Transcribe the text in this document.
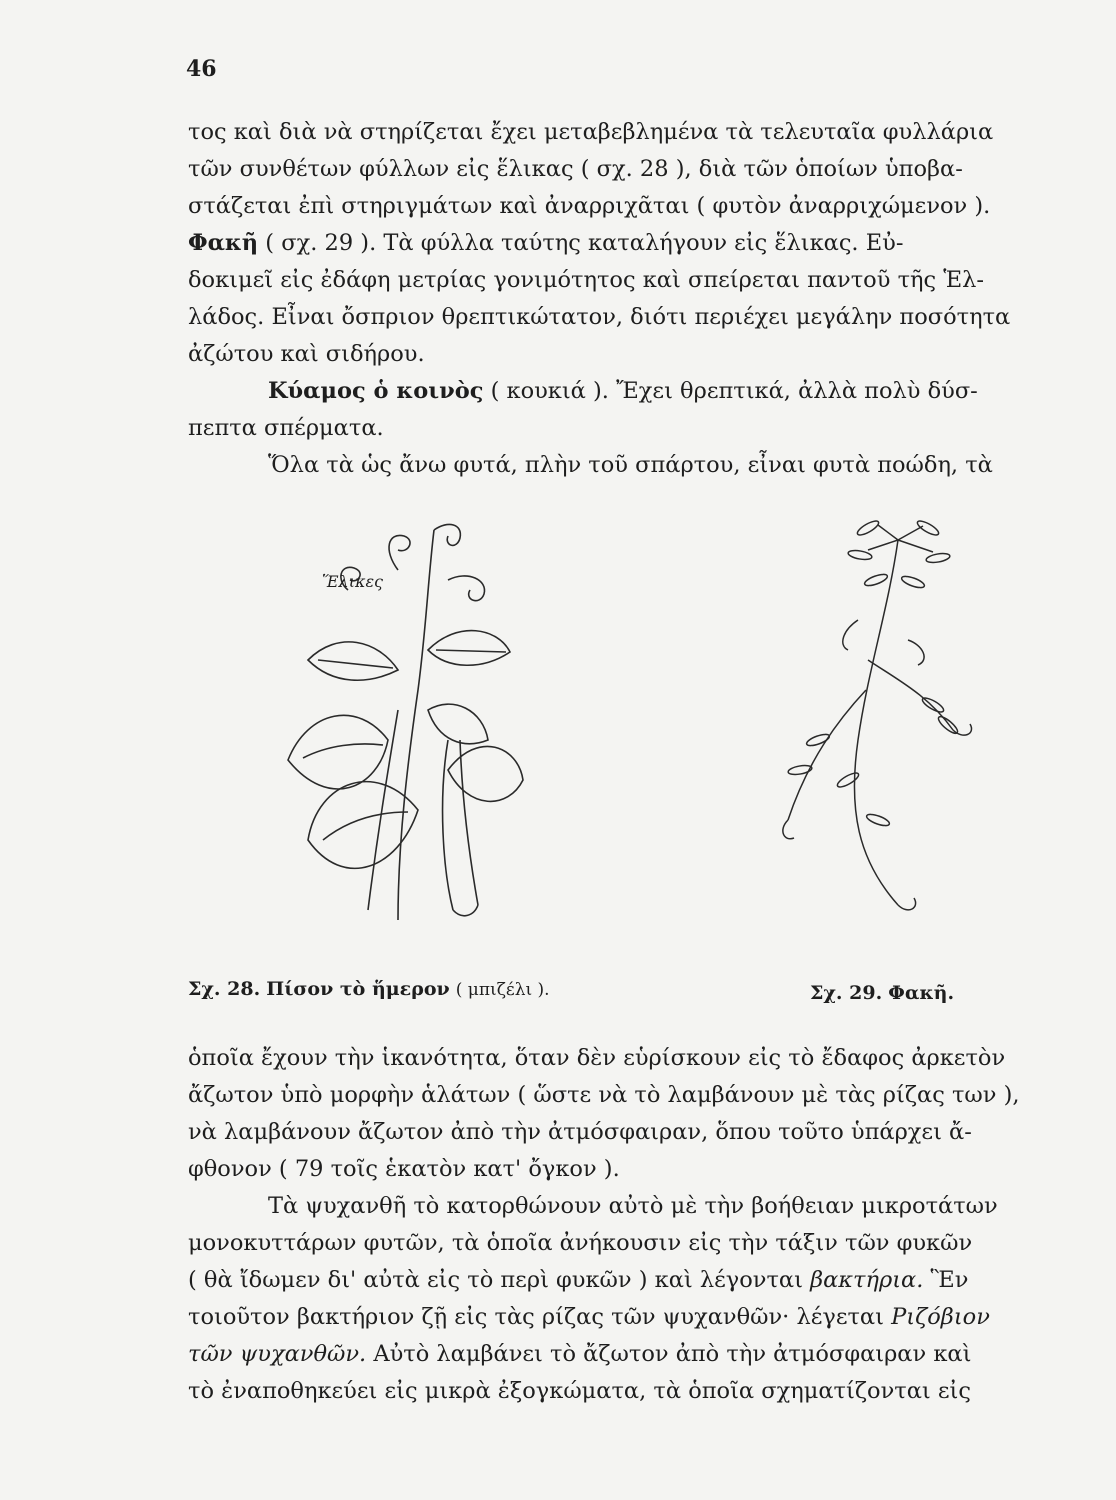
46
τος καὶ διὰ νὰ στηρίζεται ἔχει μεταβεβλημένα τὰ τελευταῖα φυλλάρια
τῶν συνθέτων φύλλων εἰς ἕλικας ( σχ. 28 ), διὰ τῶν ὁποίων ὑποβα-
στάζεται ἐπὶ στηριγμάτων καὶ ἀναρριχᾶται ( φυτὸν ἀναρριχώμενον ).
Φακῆ ( σχ. 29 ). Τὰ φύλλα ταύτης καταλήγουν εἰς ἕλικας. Εὐ-
δοκιμεῖ εἰς ἐδάφη μετρίας γονιμότητος καὶ σπείρεται παντοῦ τῆς Ἑλ-
λάδος. Εἶναι ὄσπριον θρεπτικώτατον, διότι περιέχει μεγάλην ποσότητα
ἀζώτου καὶ σιδήρου.
Κύαμος ὁ κοινὸς ( κουκιά ). Ἔχει θρεπτικά, ἀλλὰ πολὺ δύσ-
πεπτα σπέρματα.
Ὅλα τὰ ὡς ἄνω φυτά, πλὴν τοῦ σπάρτου, εἶναι φυτὰ ποώδη, τὰ
Ἕλικες
Σχ. 28. Πίσον τὸ ἥμερον ( μπιζέλι ).	Σχ. 29. Φακῆ.
ὁποῖα ἔχουν τὴν ἱκανότητα, ὅταν δὲν εὑρίσκουν εἰς τὸ ἔδαφος ἀρκετὸν
ἄζωτον ὑπὸ μορφὴν ἁλάτων ( ὥστε νὰ τὸ λαμβάνουν μὲ τὰς ρίζας των ),
νὰ λαμβάνουν ἄζωτον ἀπὸ τὴν ἀτμόσφαιραν, ὅπου τοῦτο ὑπάρχει ἄ-
φθονον ( 79 τοῖς ἑκατὸν κατ' ὄγκον ).
Τὰ ψυχανθῆ τὸ κατορθώνουν αὐτὸ μὲ τὴν βοήθειαν μικροτάτων
μονοκυττάρων φυτῶν, τὰ ὁποῖα ἀνήκουσιν εἰς τὴν τάξιν τῶν φυκῶν
( θὰ ἴδωμεν δι' αὐτὰ εἰς τὸ περὶ φυκῶν ) καὶ λέγονται βακτήρια. Ἓν
τοιοῦτον βακτήριον ζῇ εἰς τὰς ρίζας τῶν ψυχανθῶν· λέγεται Ριζόβιον
τῶν ψυχανθῶν. Αὐτὸ λαμβάνει τὸ ἄζωτον ἀπὸ τὴν ἀτμόσφαιραν καὶ
τὸ ἐναποθηκεύει εἰς μικρὰ ἐξογκώματα, τὰ ὁποῖα σχηματίζονται εἰς
